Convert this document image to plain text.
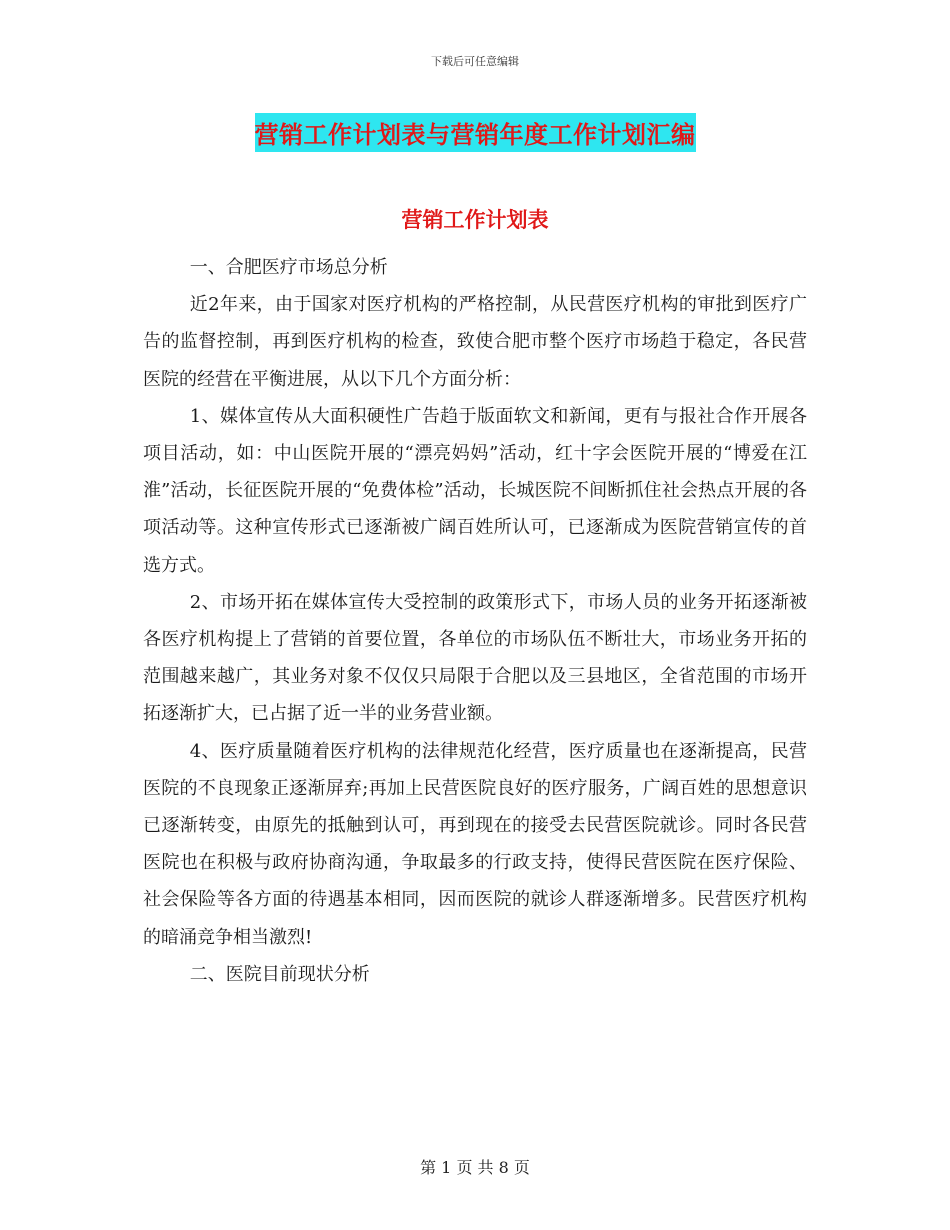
下载后可任意编辑
营销工作计划表与营销年度工作计划汇编
营销工作计划表

一、合肥医疗市场总分析

近2年来，由于国家对医疗机构的严格控制，从民营医疗机构的审批到医疗广告的监督控制，再到医疗机构的检查，致使合肥市整个医疗市场趋于稳定，各民营医院的经营在平衡进展，从以下几个方面分析：

1、媒体宣传从大面积硬性广告趋于版面软文和新闻，更有与报社合作开展各项目活动，如：中山医院开展的“漂亮妈妈”活动，红十字会医院开展的“博爱在江淮”活动，长征医院开展的“免费体检”活动，长城医院不间断抓住社会热点开展的各项活动等。这种宣传形式已逐渐被广阔百姓所认可，已逐渐成为医院营销宣传的首选方式。

2、市场开拓在媒体宣传大受控制的政策形式下，市场人员的业务开拓逐渐被各医疗机构提上了营销的首要位置，各单位的市场队伍不断壮大，市场业务开拓的范围越来越广，其业务对象不仅仅只局限于合肥以及三县地区，全省范围的市场开拓逐渐扩大，已占据了近一半的业务营业额。

4、医疗质量随着医疗机构的法律规范化经营，医疗质量也在逐渐提高，民营医院的不良现象正逐渐屏弃;再加上民营医院良好的医疗服务，广阔百姓的思想意识已逐渐转变，由原先的抵触到认可，再到现在的接受去民营医院就诊。同时各民营医院也在积极与政府协商沟通，争取最多的行政支持，使得民营医院在医疗保险、社会保险等各方面的待遇基本相同，因而医院的就诊人群逐渐增多。民营医疗机构的暗涌竞争相当激烈!

二、医院目前现状分析

第 1 页 共 8 页
